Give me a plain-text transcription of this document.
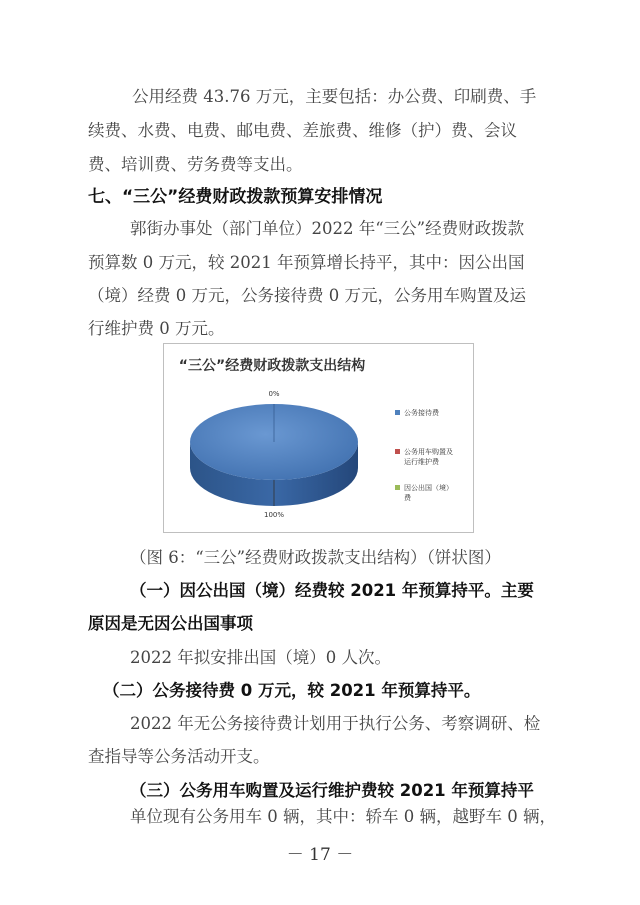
公用经费 43.76 万元，主要包括：办公费、印刷费、手
续费、水费、电费、邮电费、差旅费、维修（护）费、会议
费、培训费、劳务费等支出。
七、“三公”经费财政拨款预算安排情况
郭街办事处（部门单位）2022 年“三公”经费财政拨款
预算数 0 万元，较 2021 年预算增长持平，其中：因公出国
（境）经费 0 万元，公务接待费 0 万元，公务用车购置及运
行维护费 0 万元。
“三公”经费财政拨款支出结构
0%
100%
公务接待费
公务用车购置及
运行维护费
因公出国（境）
费
（图 6：“三公”经费财政拨款支出结构）（饼状图）
（一）因公出国（境）经费较 2021 年预算持平。主要
原因是无因公出国事项
2022 年拟安排出国（境）0 人次。
（二）公务接待费 0 万元，较 2021 年预算持平。
2022 年无公务接待费计划用于执行公务、考察调研、检
查指导等公务活动开支。
（三）公务用车购置及运行维护费较 2021 年预算持平
单位现有公务用车 0 辆，其中：轿车 0 辆，越野车 0 辆，
－ 17 －
